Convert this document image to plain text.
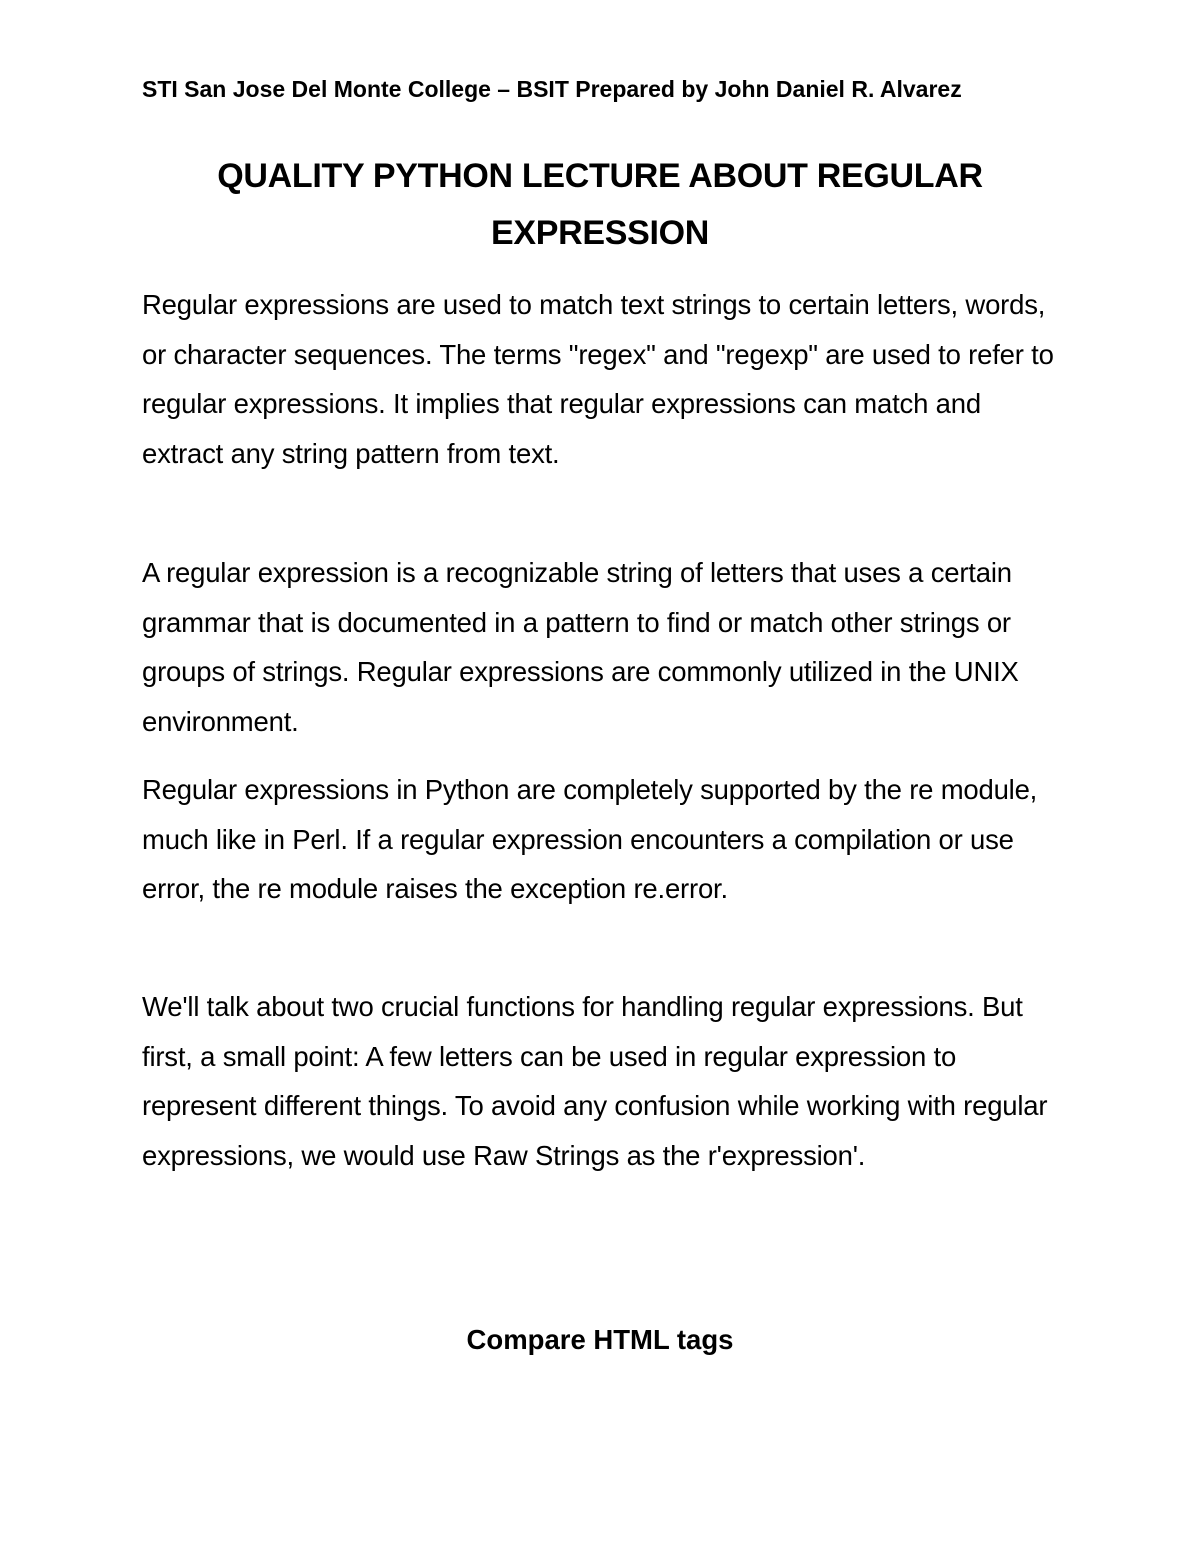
STI San Jose Del Monte College – BSIT Prepared by John Daniel R. Alvarez
QUALITY PYTHON LECTURE ABOUT REGULAR
EXPRESSION
Regular expressions are used to match text strings to certain letters, words, or character sequences. The terms "regex" and "regexp" are used to refer to regular expressions. It implies that regular expressions can match and extract any string pattern from text.
A regular expression is a recognizable string of letters that uses a certain grammar that is documented in a pattern to find or match other strings or groups of strings. Regular expressions are commonly utilized in the UNIX environment.
Regular expressions in Python are completely supported by the re module, much like in Perl. If a regular expression encounters a compilation or use error, the re module raises the exception re.error.
We'll talk about two crucial functions for handling regular expressions. But first, a small point: A few letters can be used in regular expression to represent different things. To avoid any confusion while working with regular expressions, we would use Raw Strings as the r'expression'.
Compare HTML tags
